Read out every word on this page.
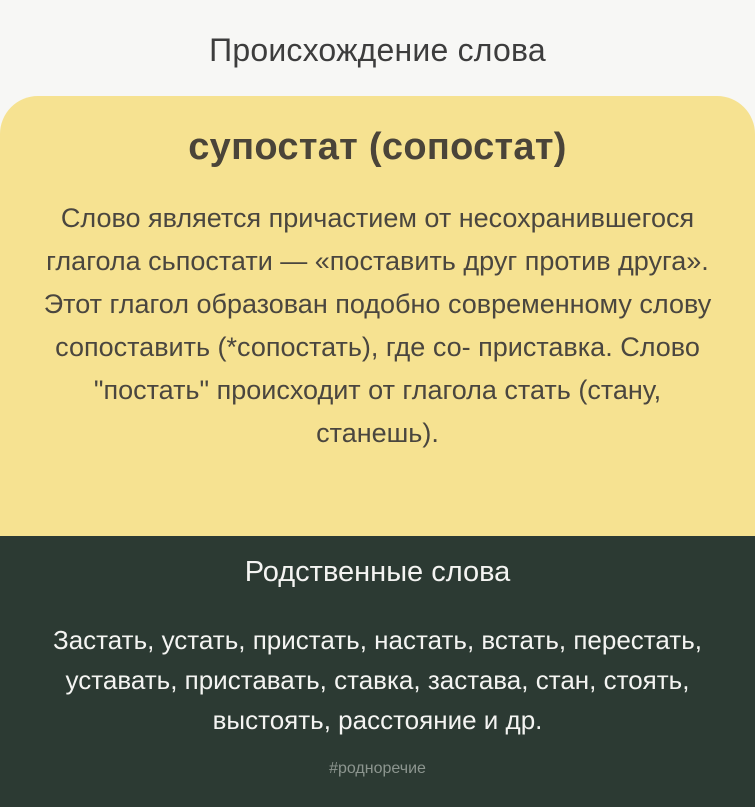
Происхождение слова
супостат (сопостат)
Слово является причастием от несохранившегося глагола сьпостати — «поставить друг против друга». Этот глагол образован подобно современному слову сопоставить (*сопостать), где со- приставка. Слово "постать" происходит от глагола стать (стану, станешь).
Родственные слова
Застать, устать, пристать, настать, встать, перестать, уставать, приставать, ставка, застава, стан, стоять, выстоять, расстояние и др.
#родноречие
